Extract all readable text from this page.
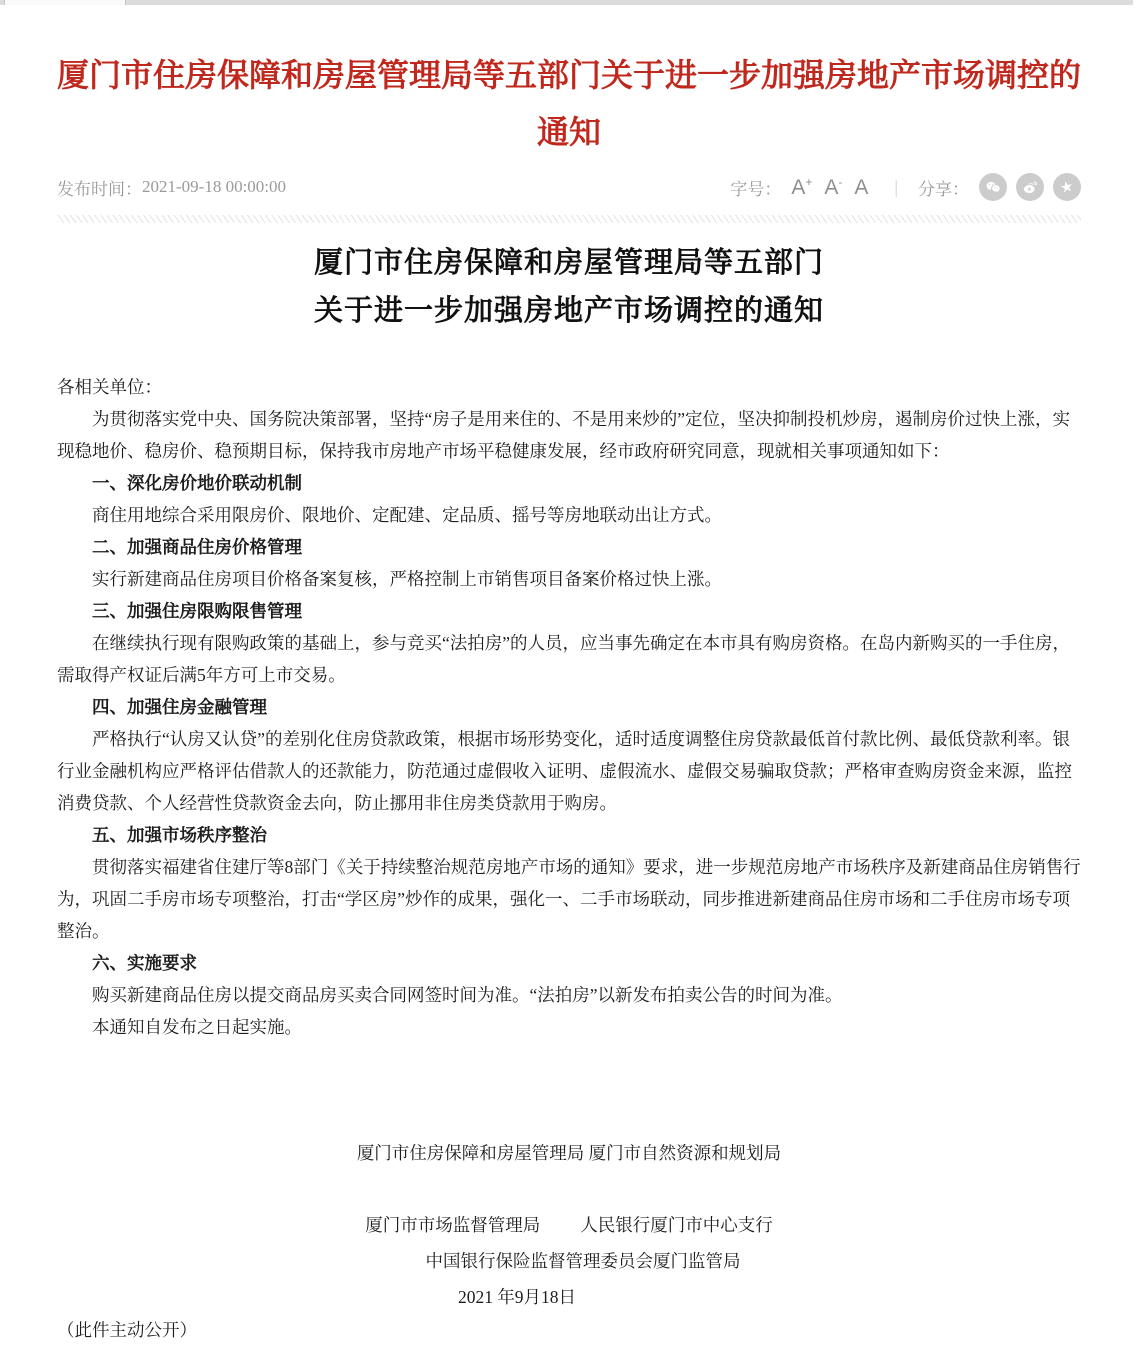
厦门市住房保障和房屋管理局等五部门关于进一步加强房地产市场调控的通知
发布时间： 2021-09-18 00:00:00	字号： A+ A- A | 分享：	★
厦门市住房保障和房屋管理局等五部门
关于进一步加强房地产市场调控的通知

各相关单位：

为贯彻落实党中央、国务院决策部署，坚持“房子是用来住的、不是用来炒的”定位，坚决抑制投机炒房，遏制房价过快上涨，实现稳地价、稳房价、稳预期目标，保持我市房地产市场平稳健康发展，经市政府研究同意，现就相关事项通知如下：

一、深化房价地价联动机制

商住用地综合采用限房价、限地价、定配建、定品质、摇号等房地联动出让方式。

二、加强商品住房价格管理

实行新建商品住房项目价格备案复核，严格控制上市销售项目备案价格过快上涨。

三、加强住房限购限售管理

在继续执行现有限购政策的基础上，参与竞买“法拍房”的人员，应当事先确定在本市具有购房资格。在岛内新购买的一手住房，需取得产权证后满5年方可上市交易。

四、加强住房金融管理

严格执行“认房又认贷”的差别化住房贷款政策，根据市场形势变化，适时适度调整住房贷款最低首付款比例、最低贷款利率。银行业金融机构应严格评估借款人的还款能力，防范通过虚假收入证明、虚假流水、虚假交易骗取贷款；严格审查购房资金来源，监控消费贷款、个人经营性贷款资金去向，防止挪用非住房类贷款用于购房。

五、加强市场秩序整治

贯彻落实福建省住建厅等8部门《关于持续整治规范房地产市场的通知》要求，进一步规范房地产市场秩序及新建商品住房销售行为，巩固二手房市场专项整治，打击“学区房”炒作的成果，强化一、二手市场联动，同步推进新建商品住房市场和二手住房市场专项整治。

六、实施要求

购买新建商品住房以提交商品房买卖合同网签时间为准。“法拍房”以新发布拍卖公告的时间为准。

本通知自发布之日起实施。

厦门市住房保障和房屋管理局 厦门市自然资源和规划局
厦门市市场监督管理局 人民银行厦门市中心支行
中国银行保险监督管理委员会厦门监管局
2021 年9月18日
（此件主动公开）
